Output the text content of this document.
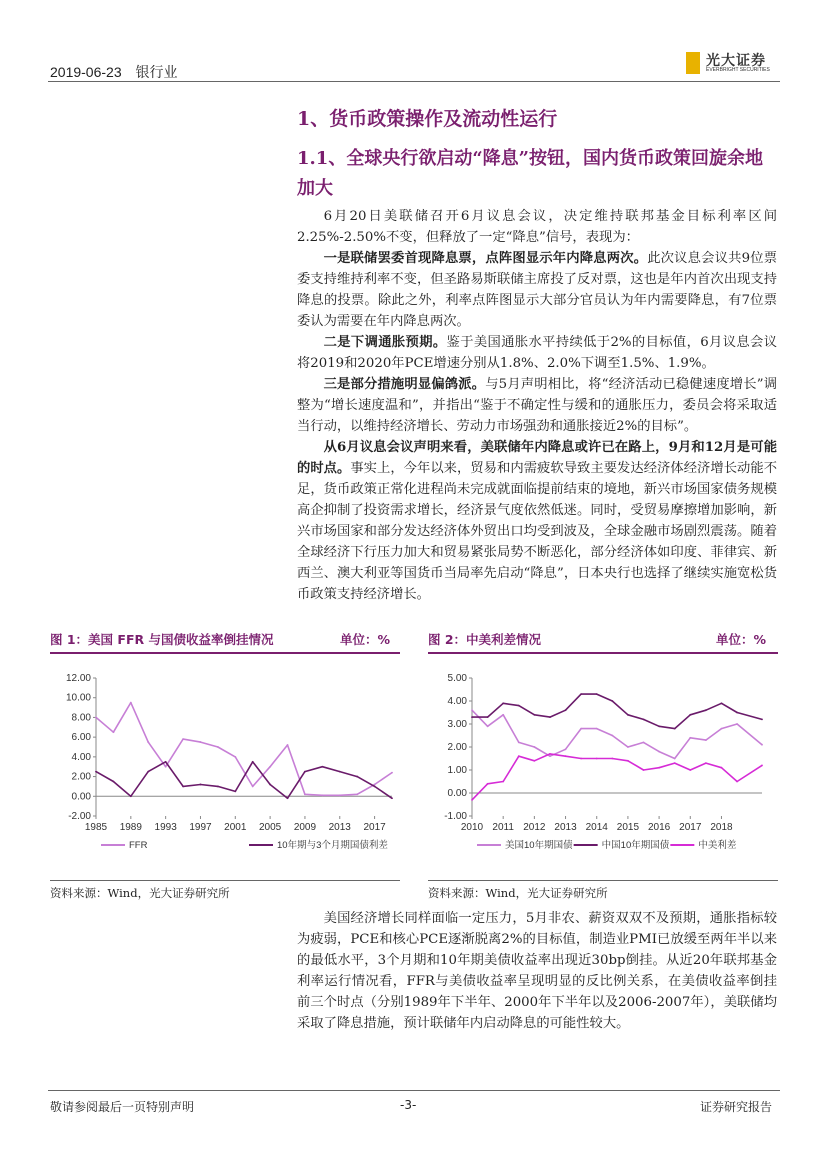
2019-06-23 银行业
光大证券
EVERBRIGHT SECURITIES
1、货币政策操作及流动性运行
1.1、全球央行欲启动“降息”按钮，国内货币政策回旋余地加大

6月20日美联储召开6月议息会议，决定维持联邦基金目标利率区间2.25%-2.50%不变，但释放了一定“降息”信号，表现为：

一是联储罢委首现降息票，点阵图显示年内降息两次。此次议息会议共9位票委支持维持利率不变，但圣路易斯联储主席投了反对票，这也是年内首次出现支持降息的投票。除此之外，利率点阵图显示大部分官员认为年内需要降息，有7位票委认为需要在年内降息两次。

二是下调通胀预期。鉴于美国通胀水平持续低于2%的目标值，6月议息会议将2019和2020年PCE增速分别从1.8%、2.0%下调至1.5%、1.9%。

三是部分措施明显偏鸽派。与5月声明相比，将“经济活动已稳健速度增长”调整为“增长速度温和”，并指出“鉴于不确定性与缓和的通胀压力，委员会将采取适当行动，以维持经济增长、劳动力市场强劲和通胀接近2%的目标”。

从6月议息会议声明来看，美联储年内降息或许已在路上，9月和12月是可能的时点。事实上，今年以来，贸易和内需疲软导致主要发达经济体经济增长动能不足，货币政策正常化进程尚未完成就面临提前结束的境地，新兴市场国家债务规模高企抑制了投资需求增长，经济景气度依然低迷。同时，受贸易摩擦增加影响，新兴市场国家和部分发达经济体外贸出口均受到波及，全球金融市场剧烈震荡。随着全球经济下行压力加大和贸易紧张局势不断恶化，部分经济体如印度、菲律宾、新西兰、澳大利亚等国货币当局率先启动“降息”，日本央行也选择了继续实施宽松货币政策支持经济增长。

图 1：美国 FFR 与国债收益率倒挂情况	单位：%
12.00
10.00
8.00
6.00
4.00
2.00
0.00
-2.00
1985 1989 1993 1997 2001 2005 2009 2013 2017
FFR	10年期与3个月期国债利差
资料来源：Wind，光大证券研究所
图 2：中美利差情况	单位：%
5.00
4.00
3.00
2.00
1.00
0.00
-1.00
2010 2011 2012 2013 2014 2015 2016 2017 2018
美国10年期国债	中国10年期国债	中美利差
资料来源：Wind，光大证券研究所

美国经济增长同样面临一定压力，5月非农、薪资双双不及预期，通胀指标较为疲弱，PCE和核心PCE逐渐脱离2%的目标值，制造业PMI已放缓至两年半以来的最低水平，3个月期和10年期美债收益率出现近30bp倒挂。从近20年联邦基金利率运行情况看，FFR与美债收益率呈现明显的反比例关系，在美债收益率倒挂前三个时点（分别1989年下半年、2000年下半年以及2006-2007年），美联储均采取了降息措施，预计联储年内启动降息的可能性较大。

敬请参阅最后一页特别声明	-3-	证券研究报告
